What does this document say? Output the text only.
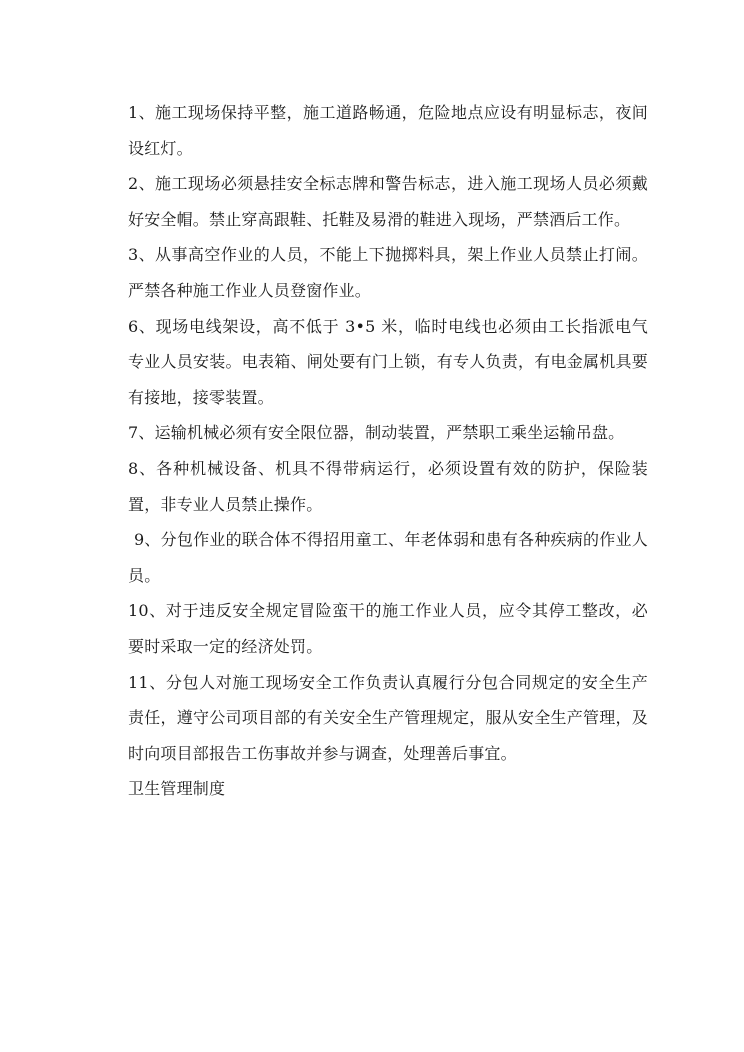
1、施工现场保持平整，施工道路畅通，危险地点应设有明显标志，夜间设红灯。

2、施工现场必须悬挂安全标志牌和警告标志，进入施工现场人员必须戴好安全帽。禁止穿高跟鞋、托鞋及易滑的鞋进入现场，严禁酒后工作。

3、从事高空作业的人员，不能上下抛掷料具，架上作业人员禁止打闹。严禁各种施工作业人员登窗作业。

6、现场电线架设，高不低于 3•5 米，临时电线也必须由工长指派电气专业人员安装。电表箱、闸处要有门上锁，有专人负责，有电金属机具要有接地，接零装置。

7、运输机械必须有安全限位器，制动装置，严禁职工乘坐运输吊盘。

8、各种机械设备、机具不得带病运行，必须设置有效的防护，保险装置，非专业人员禁止操作。

9、分包作业的联合体不得招用童工、年老体弱和患有各种疾病的作业人员。

10、对于违反安全规定冒险蛮干的施工作业人员，应令其停工整改，必要时采取一定的经济处罚。

11、分包人对施工现场安全工作负责认真履行分包合同规定的安全生产责任，遵守公司项目部的有关安全生产管理规定，服从安全生产管理，及时向项目部报告工伤事故并参与调查，处理善后事宜。

卫生管理制度
